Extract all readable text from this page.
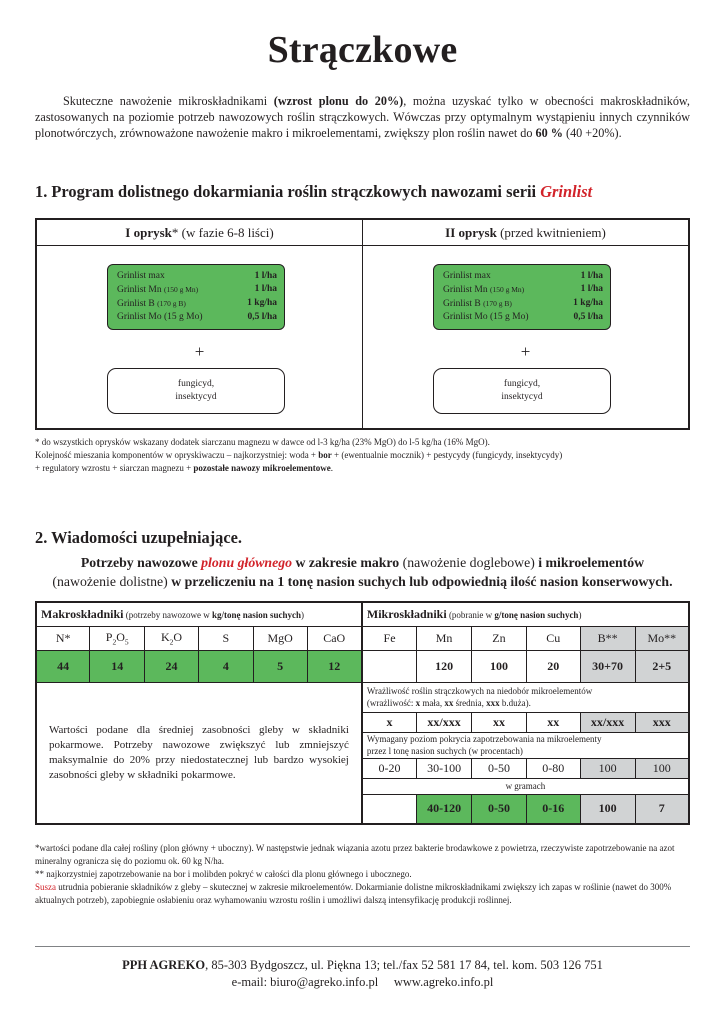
Strączkowe
Skuteczne nawożenie mikroskładnikami (wzrost plonu do 20%), można uzyskać tylko w obecności makroskładników, zastosowanych na poziomie potrzeb nawozowych roślin strączkowych. Wówczas przy optymalnym wystąpieniu innych czynników plonotwórczych, zrównoważone nawożenie makro i mikroelementami, zwiększy plon roślin nawet do 60 % (40 +20%).
1. Program dolistnego dokarmiania roślin strączkowych nawozami serii Grinlist
I oprysk* (w fazie 6-8 liści)
Grinlist max	1 l/ha
Grinlist Mn (150 g Mn)	1 l/ha
Grinlist B (170 g B)	1 kg/ha
Grinlist Mo (15 g Mo)	0,5 l/ha
+
fungicyd,
insektycyd
II oprysk (przed kwitnieniem)
Grinlist max	1 l/ha
Grinlist Mn (150 g Mn)	1 l/ha
Grinlist B (170 g B)	1 kg/ha
Grinlist Mo (15 g Mo)	0,5 l/ha
+
fungicyd,
insektycyd
* do wszystkich oprysków wskazany dodatek siarczanu magnezu w dawce od l-3 kg/ha (23% MgO) do l-5 kg/ha (16% MgO).
Kolejność mieszania komponentów w opryskiwaczu – najkorzystniej: woda + bor + (ewentualnie mocznik) + pestycydy (fungicydy, insektycydy)
+ regulatory wzrostu + siarczan magnezu + pozostałe nawozy mikroelementowe.
2. Wiadomości uzupełniające.
Potrzeby nawozowe plonu głównego w zakresie makro (nawożenie doglebowe) i mikroelementów
(nawożenie dolistne) w przeliczeniu na 1 tonę nasion suchych lub odpowiednią ilość nasion konserwowych.
Makroskładniki (potrzeby nawozowe w kg/tonę nasion suchych)						Mikroskładniki (pobranie w g/tonę nasion suchych)					
N*	$P_2O_5$	$K_2O$	S	MgO	CaO	Fe	Mn	Zn	Cu	B**	Mo**
44	14	24	4	5	12		120	100	20	30+70	2+5
Wartości podane dla średniej zasobności gleby w składniki pokarmowe. Potrzeby nawozowe zwiększyć lub zmniejszyć maksymalnie do 20% przy niedostatecznej lub bardzo wysokiej zasobności gleby w składniki pokarmowe.						Wrażliwość roślin strączkowych na niedobór mikroelementów
(wrażliwość: x mała, xx średnia, xxx b.duża).					

						x	xx/xxx	xx	xx	xx/xxx	xxx

						Wymagany poziom pokrycia zapotrzebowania na mikroelementy
przez l tonę nasion suchych (w procentach)					

						0-20	30-100	0-50	0-80	100	100
						w gramach					
							40-120	0-50	0-16	100	7
*wartości podane dla całej rośliny (plon główny + uboczny). W następstwie jednak wiązania azotu przez bakterie brodawkowe z powietrza, rzeczywiste zapotrzebowanie na azot mineralny ogranicza się do poziomu ok. 60 kg N/ha.
** najkorzystniej zapotrzebowanie na bor i molibden pokryć w całości dla plonu głównego i ubocznego.
Susza utrudnia pobieranie składników z gleby – skutecznej w zakresie mikroelementów. Dokarmianie dolistne mikroskładnikami zwiększy ich zapas w roślinie (nawet do 300% aktualnych potrzeb), zapobiegnie osłabieniu oraz wyhamowaniu wzrostu roślin i umożliwi dalszą intensyfikację produkcji roślinnej.
PPH AGREKO, 85-303 Bydgoszcz, ul. Piękna 13; tel./fax 52 581 17 84, tel. kom. 503 126 751
e-mail: biuro@agreko.info.pl www.agreko.info.pl
